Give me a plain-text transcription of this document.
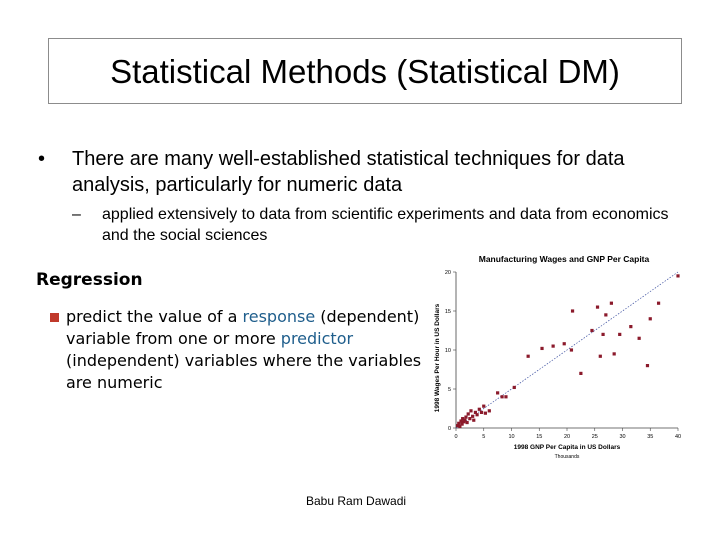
Statistical Methods (Statistical DM)
• There are many well-established statistical techniques for data analysis, particularly for numeric data
– applied extensively to data from scientific experiments and data from economics and the social sciences
Regression
predict the value of a response (dependent) variable from one or more predictor (independent) variables where the variables are numeric
Manufacturing Wages and GNP Per Capita
1998 Wages Per Hour in US Dollars
0	5	10	15	20	25	30	35	40
0
5
10
15
20
1998 GNP Per Capita in US Dollars
Thousands
Babu Ram Dawadi
